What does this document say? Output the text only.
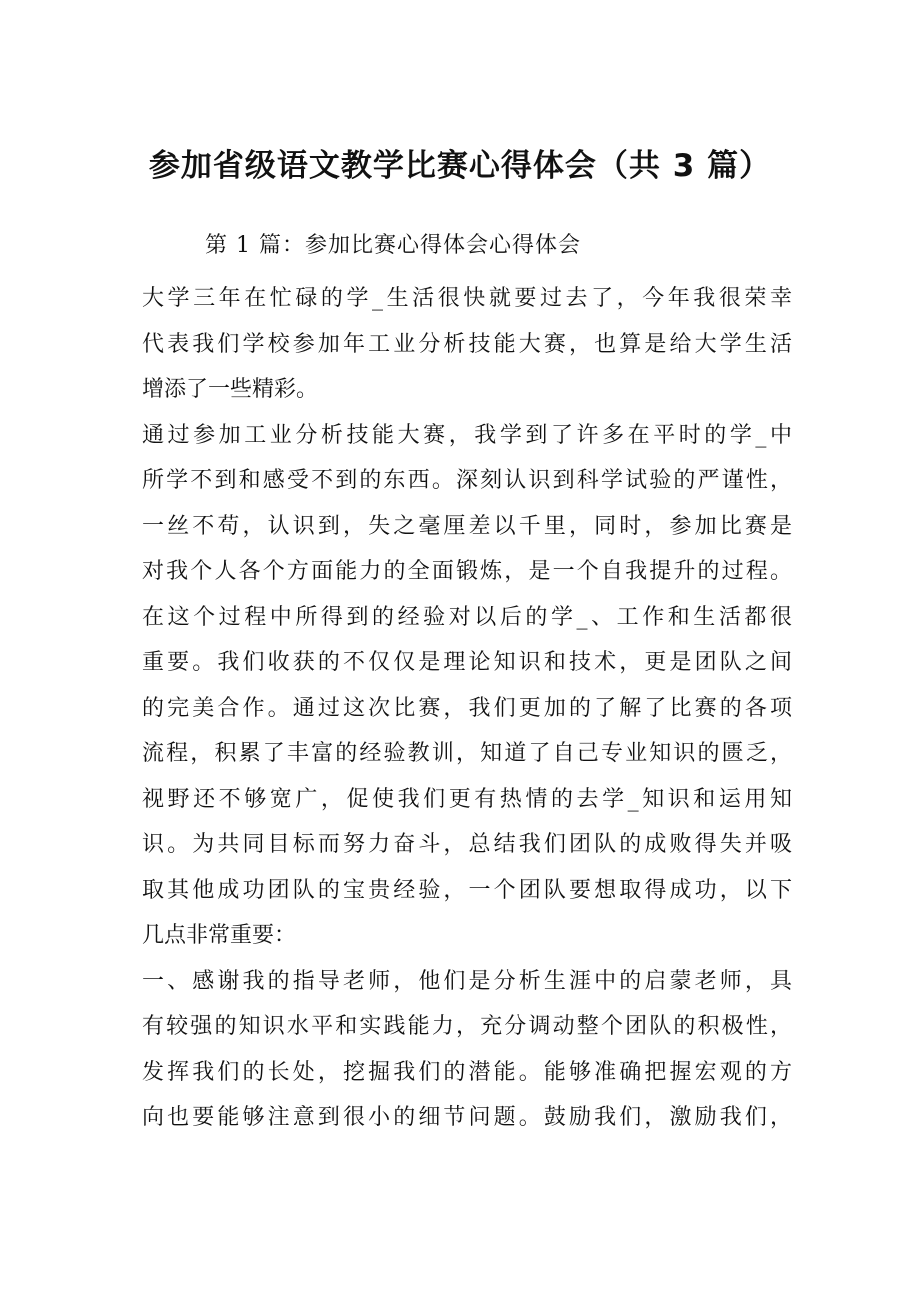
参加省级语文教学比赛心得体会（共 3 篇）

第 1 篇：参加比赛心得体会心得体会

大学三年在忙碌的学_生活很快就要过去了，今年我很荣幸
代表我们学校参加年工业分析技能大赛，也算是给大学生活
增添了一些精彩。
通过参加工业分析技能大赛，我学到了许多在平时的学_中
所学不到和感受不到的东西。深刻认识到科学试验的严谨性，
一丝不苟，认识到，失之毫厘差以千里，同时，参加比赛是
对我个人各个方面能力的全面锻炼，是一个自我提升的过程。
在这个过程中所得到的经验对以后的学_、工作和生活都很
重要。我们收获的不仅仅是理论知识和技术，更是团队之间
的完美合作。通过这次比赛，我们更加的了解了比赛的各项
流程，积累了丰富的经验教训，知道了自己专业知识的匮乏，
视野还不够宽广，促使我们更有热情的去学_知识和运用知
识。为共同目标而努力奋斗，总结我们团队的成败得失并吸
取其他成功团队的宝贵经验，一个团队要想取得成功，以下
几点非常重要：
一、感谢我的指导老师，他们是分析生涯中的启蒙老师，具
有较强的知识水平和实践能力，充分调动整个团队的积极性，
发挥我们的长处，挖掘我们的潜能。能够准确把握宏观的方
向也要能够注意到很小的细节问题。鼓励我们，激励我们，
